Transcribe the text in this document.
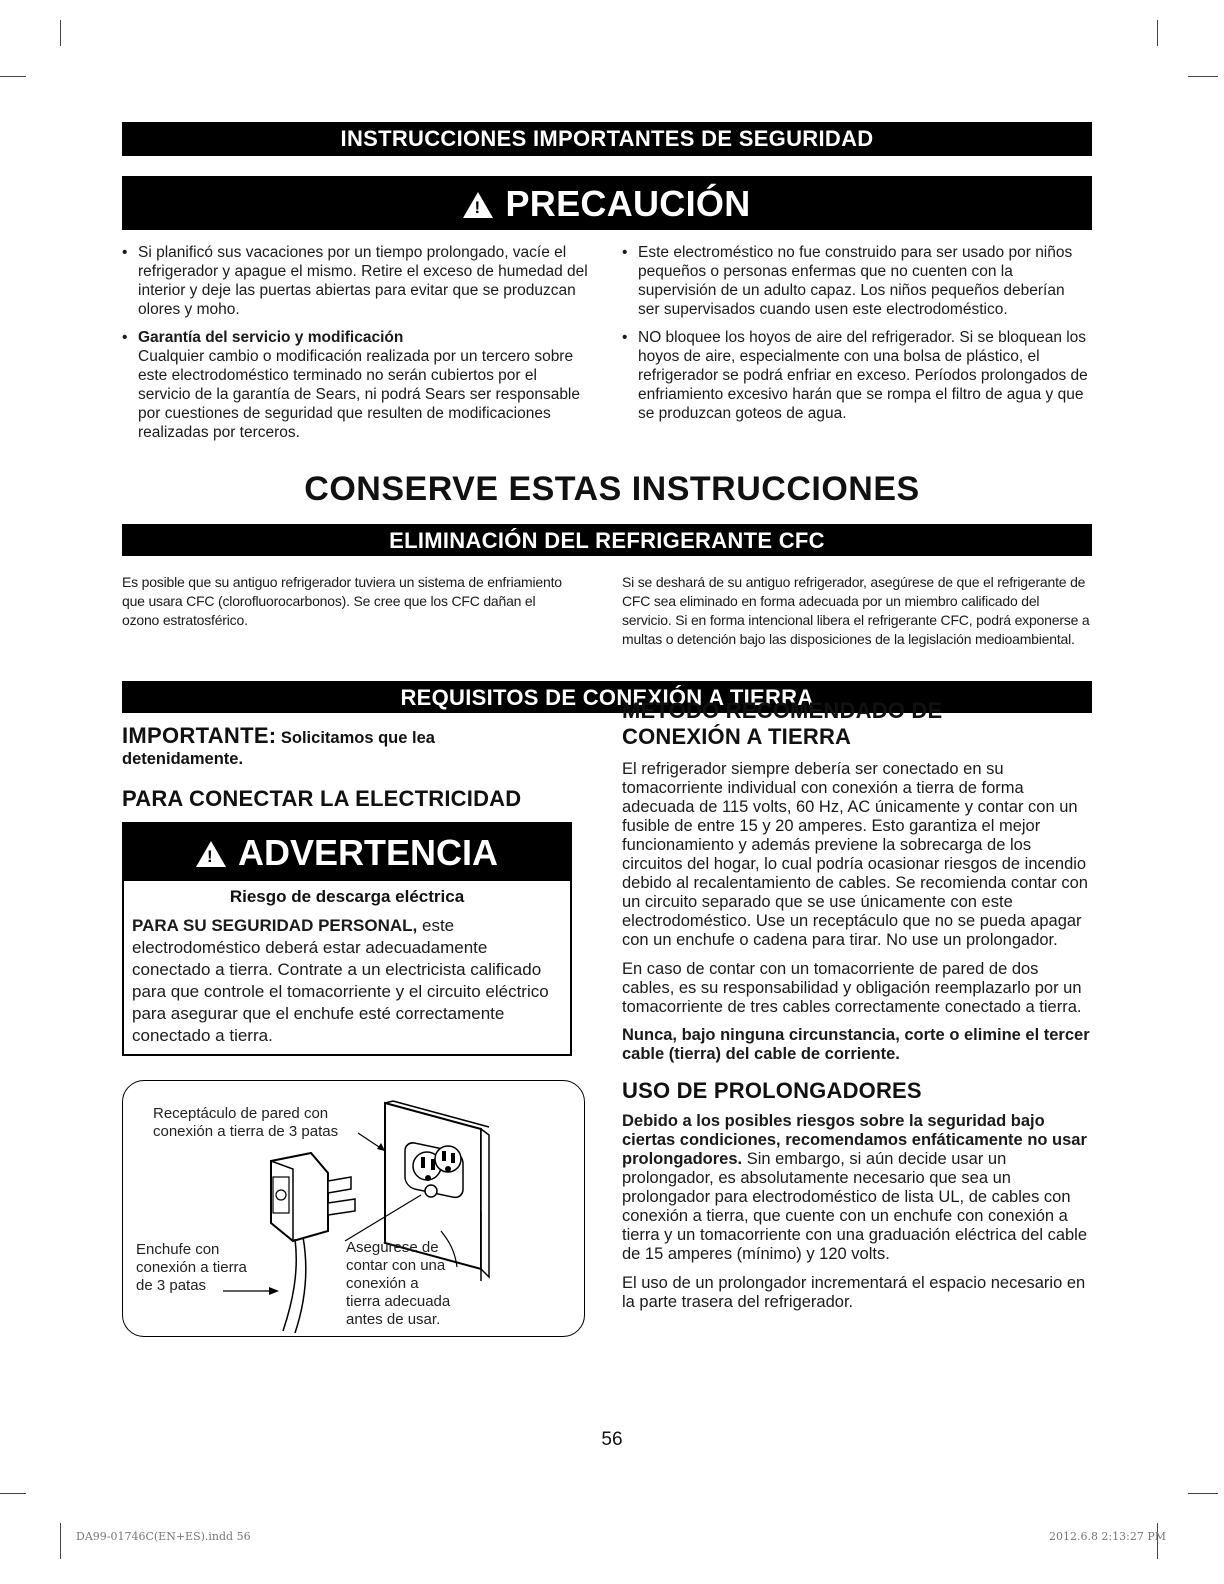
INSTRUCCIONES IMPORTANTES DE SEGURIDAD
!PRECAUCIÓN
• Si planificó sus vacaciones por un tiempo prolongado, vacíe el refrigerador y apague el mismo. Retire el exceso de humedad del interior y deje las puertas abiertas para evitar que se produzcan olores y moho.
• Garantía del servicio y modificación
Cualquier cambio o modificación realizada por un tercero sobre este electrodoméstico terminado no serán cubiertos por el servicio de la garantía de Sears, ni podrá Sears ser responsable por cuestiones de seguridad que resulten de modificaciones realizadas por terceros.
• Este electroméstico no fue construido para ser usado por niños pequeños o personas enfermas que no cuenten con la supervisión de un adulto capaz. Los niños pequeños deberían ser supervisados cuando usen este electrodoméstico.
• NO bloquee los hoyos de aire del refrigerador. Si se bloquean los hoyos de aire, especialmente con una bolsa de plástico, el refrigerador se podrá enfriar en exceso. Períodos prolongados de enfriamiento excesivo harán que se rompa el filtro de agua y que se produzcan goteos de agua.
CONSERVE ESTAS INSTRUCCIONES
ELIMINACIÓN DEL REFRIGERANTE CFC
Es posible que su antiguo refrigerador tuviera un sistema de enfriamiento que usara CFC (clorofluorocarbonos). Se cree que los CFC dañan el ozono estratosférico.
Si se deshará de su antiguo refrigerador, asegúrese de que el refrigerante de CFC sea eliminado en forma adecuada por un miembro calificado del servicio. Si en forma intencional libera el refrigerante CFC, podrá exponerse a multas o detención bajo las disposiciones de la legislación medioambiental.
REQUISITOS DE CONEXIÓN A TIERRA
IMPORTANTE: Solicitamos que lea
detenidamente.
PARA CONECTAR LA ELECTRICIDAD
!ADVERTENCIA
Riesgo de descarga eléctrica
PARA SU SEGURIDAD PERSONAL, este electrodoméstico deberá estar adecuadamente conectado a tierra. Contrate a un electricista calificado para que controle el tomacorriente y el circuito eléctrico para asegurar que el enchufe esté correctamente conectado a tierra.
Receptáculo de pared con
conexión a tierra de 3 patas
Enchufe con
conexión a tierra
de 3 patas
Asegúrese de
contar con una
conexión a
tierra adecuada
antes de usar.
MÉTODO RECOMENDADO DE
CONEXIÓN A TIERRA

El refrigerador siempre debería ser conectado en su tomacorriente individual con conexión a tierra de forma adecuada de 115 volts, 60 Hz, AC únicamente y contar con un fusible de entre 15 y 20 amperes. Esto garantiza el mejor funcionamiento y además previene la sobrecarga de los circuitos del hogar, lo cual podría ocasionar riesgos de incendio debido al recalentamiento de cables. Se recomienda contar con un circuito separado que se use únicamente con este electrodoméstico. Use un receptáculo que no se pueda apagar con un enchufe o cadena para tirar. No use un prolongador.

En caso de contar con un tomacorriente de pared de dos cables, es su responsabilidad y obligación reemplazarlo por un tomacorriente de tres cables correctamente conectado a tierra.

Nunca, bajo ninguna circunstancia, corte o elimine el tercer cable (tierra) del cable de corriente.

USO DE PROLONGADORES

Debido a los posibles riesgos sobre la seguridad bajo ciertas condiciones, recomendamos enfáticamente no usar prolongadores. Sin embargo, si aún decide usar un prolongador, es absolutamente necesario que sea un prolongador para electrodoméstico de lista UL, de cables con conexión a tierra, que cuente con un enchufe con conexión a tierra y un tomacorriente con una graduación eléctrica del cable de 15 amperes (mínimo) y 120 volts.

El uso de un prolongador incrementará el espacio necesario en la parte trasera del refrigerador.

56
DA99-01746C(EN+ES).indd 56	2012.6.8 2:13:27 PM
